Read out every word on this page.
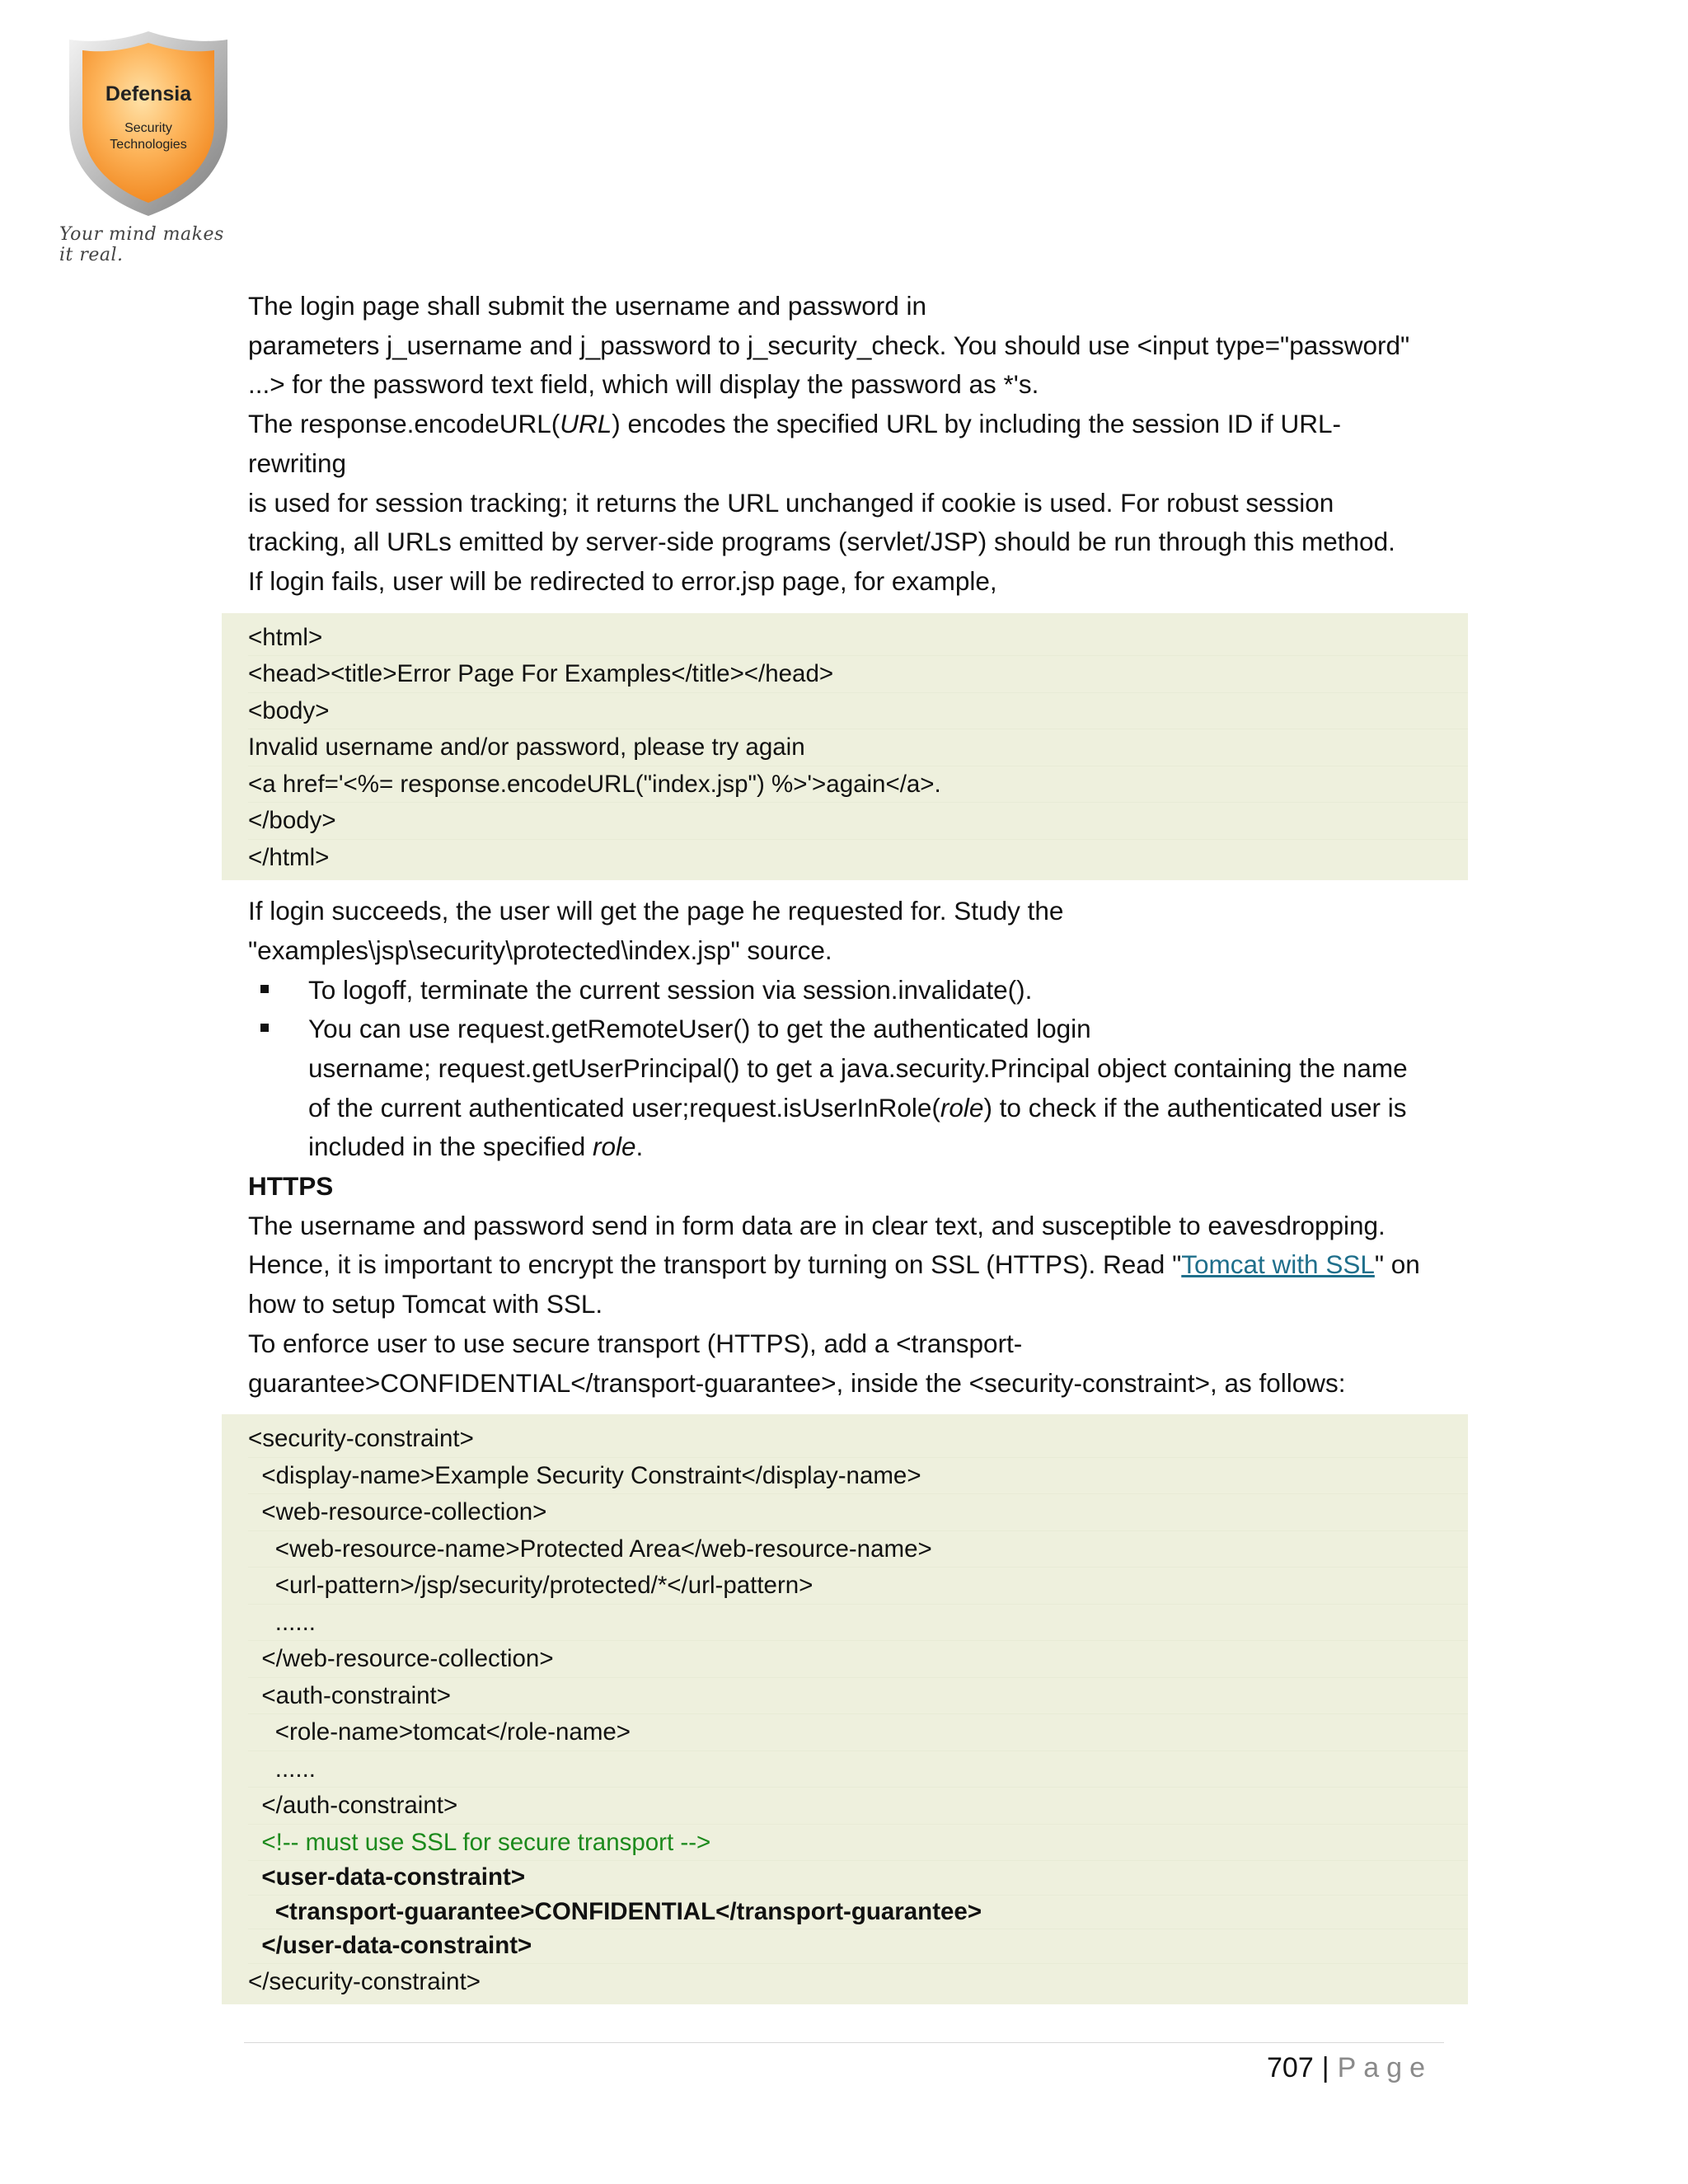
Defensia
Security
Technologies
Your mind makes it real.

The login page shall submit the username and password in

parameters j_username and j_password to j_security_check. You should use <input type="password"

...> for the password text field, which will display the password as *'s.

The response.encodeURL(URL) encodes the specified URL by including the session ID if URL-rewriting

is used for session tracking; it returns the URL unchanged if cookie is used. For robust session

tracking, all URLs emitted by server-side programs (servlet/JSP) should be run through this method.

If login fails, user will be redirected to error.jsp page, for example,

<html>
<head><title>Error Page For Examples</title></head>
<body>
Invalid username and/or password, please try again
<a href='<%= response.encodeURL("index.jsp") %>'>again</a>.
</body>
</html>

If login succeeds, the user will get the page he requested for. Study the

"examples\jsp\security\protected\index.jsp" source.

To logoff, terminate the current session via session.invalidate().
You can use request.getRemoteUser() to get the authenticated login
username; request.getUserPrincipal() to get a java.security.Principal object containing the name
of the current authenticated user;request.isUserInRole(role) to check if the authenticated user is
included in the specified role.
HTTPS

The username and password send in form data are in clear text, and susceptible to eavesdropping.

Hence, it is important to encrypt the transport by turning on SSL (HTTPS). Read "Tomcat with SSL" on

how to setup Tomcat with SSL.

To enforce user to use secure transport (HTTPS), add a <transport-

guarantee>CONFIDENTIAL</transport-guarantee>, inside the <security-constraint>, as follows:

<security-constraint>
<display-name>Example Security Constraint</display-name>
<web-resource-collection>
<web-resource-name>Protected Area</web-resource-name>
<url-pattern>/jsp/security/protected/*</url-pattern>
......
</web-resource-collection>
<auth-constraint>
<role-name>tomcat</role-name>
......
</auth-constraint>
<!-- must use SSL for secure transport -->
<user-data-constraint>
<transport-guarantee>CONFIDENTIAL</transport-guarantee>
</user-data-constraint>
</security-constraint>
707 | Page
